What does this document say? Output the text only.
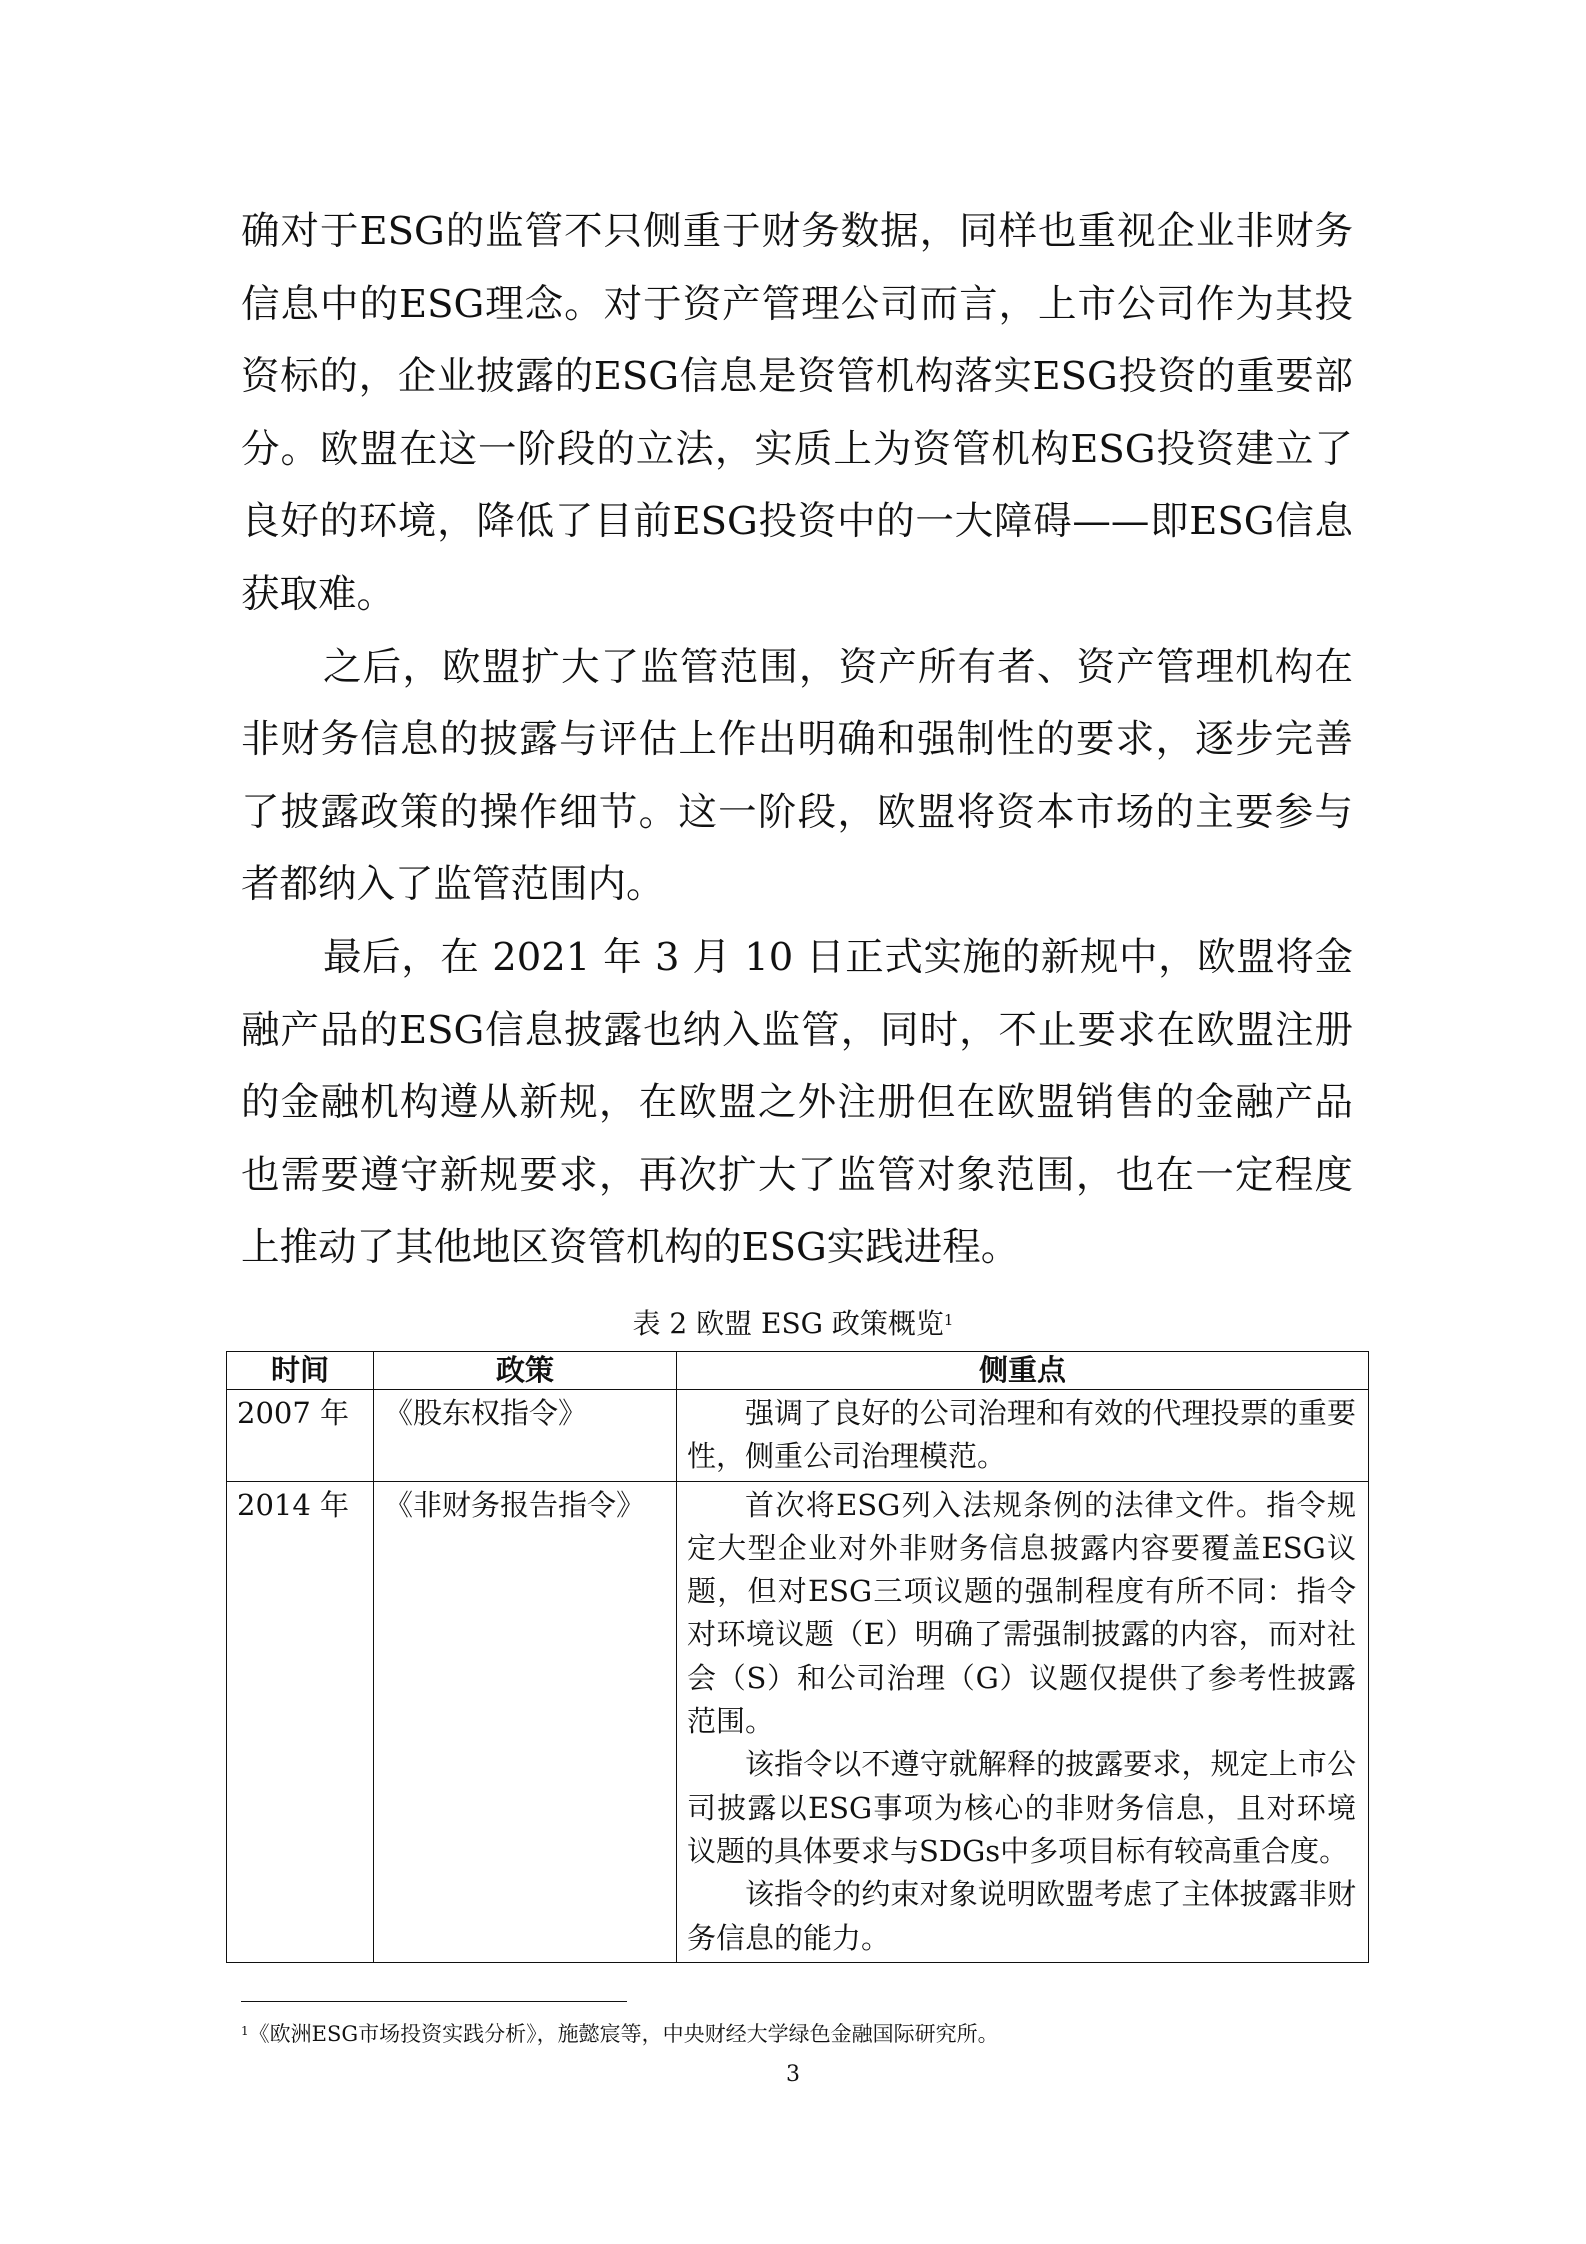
确对于ESG的监管不只侧重于财务数据，同样也重视企业非财务信息中的ESG理念。对于资产管理公司而言，上市公司作为其投资标的，企业披露的ESG信息是资管机构落实ESG投资的重要部分。欧盟在这一阶段的立法，实质上为资管机构ESG投资建立了良好的环境，降低了目前ESG投资中的一大障碍——即ESG信息获取难。

之后，欧盟扩大了监管范围，资产所有者、资产管理机构在非财务信息的披露与评估上作出明确和强制性的要求，逐步完善了披露政策的操作细节。这一阶段，欧盟将资本市场的主要参与者都纳入了监管范围内。

最后，在 2021 年 3 月 10 日正式实施的新规中，欧盟将金融产品的ESG信息披露也纳入监管，同时，不止要求在欧盟注册的金融机构遵从新规，在欧盟之外注册但在欧盟销售的金融产品也需要遵守新规要求，再次扩大了监管对象范围，也在一定程度上推动了其他地区资管机构的ESG实践进程。

表 2 欧盟 ESG 政策概览$^1$
时间	政策	侧重点
2007 年	《股东权指令》	强调了良好的公司治理和有效的代理投票的重要性，侧重公司治理模范。

2014 年	《非财务报告指令》	首次将ESG列入法规条例的法律文件。指令规定大型企业对外非财务信息披露内容要覆盖ESG议题，但对ESG三项议题的强制程度有所不同：指令对环境议题（E）明确了需强制披露的内容，而对社会（S）和公司治理（G）议题仅提供了参考性披露范围。

该指令以不遵守就解释的披露要求，规定上市公司披露以ESG事项为核心的非财务信息，且对环境议题的具体要求与SDGs中多项目标有较高重合度。

该指令的约束对象说明欧盟考虑了主体披露非财务信息的能力。

$^1$《欧洲ESG市场投资实践分析》，施懿宸等，中央财经大学绿色金融国际研究所。
3
